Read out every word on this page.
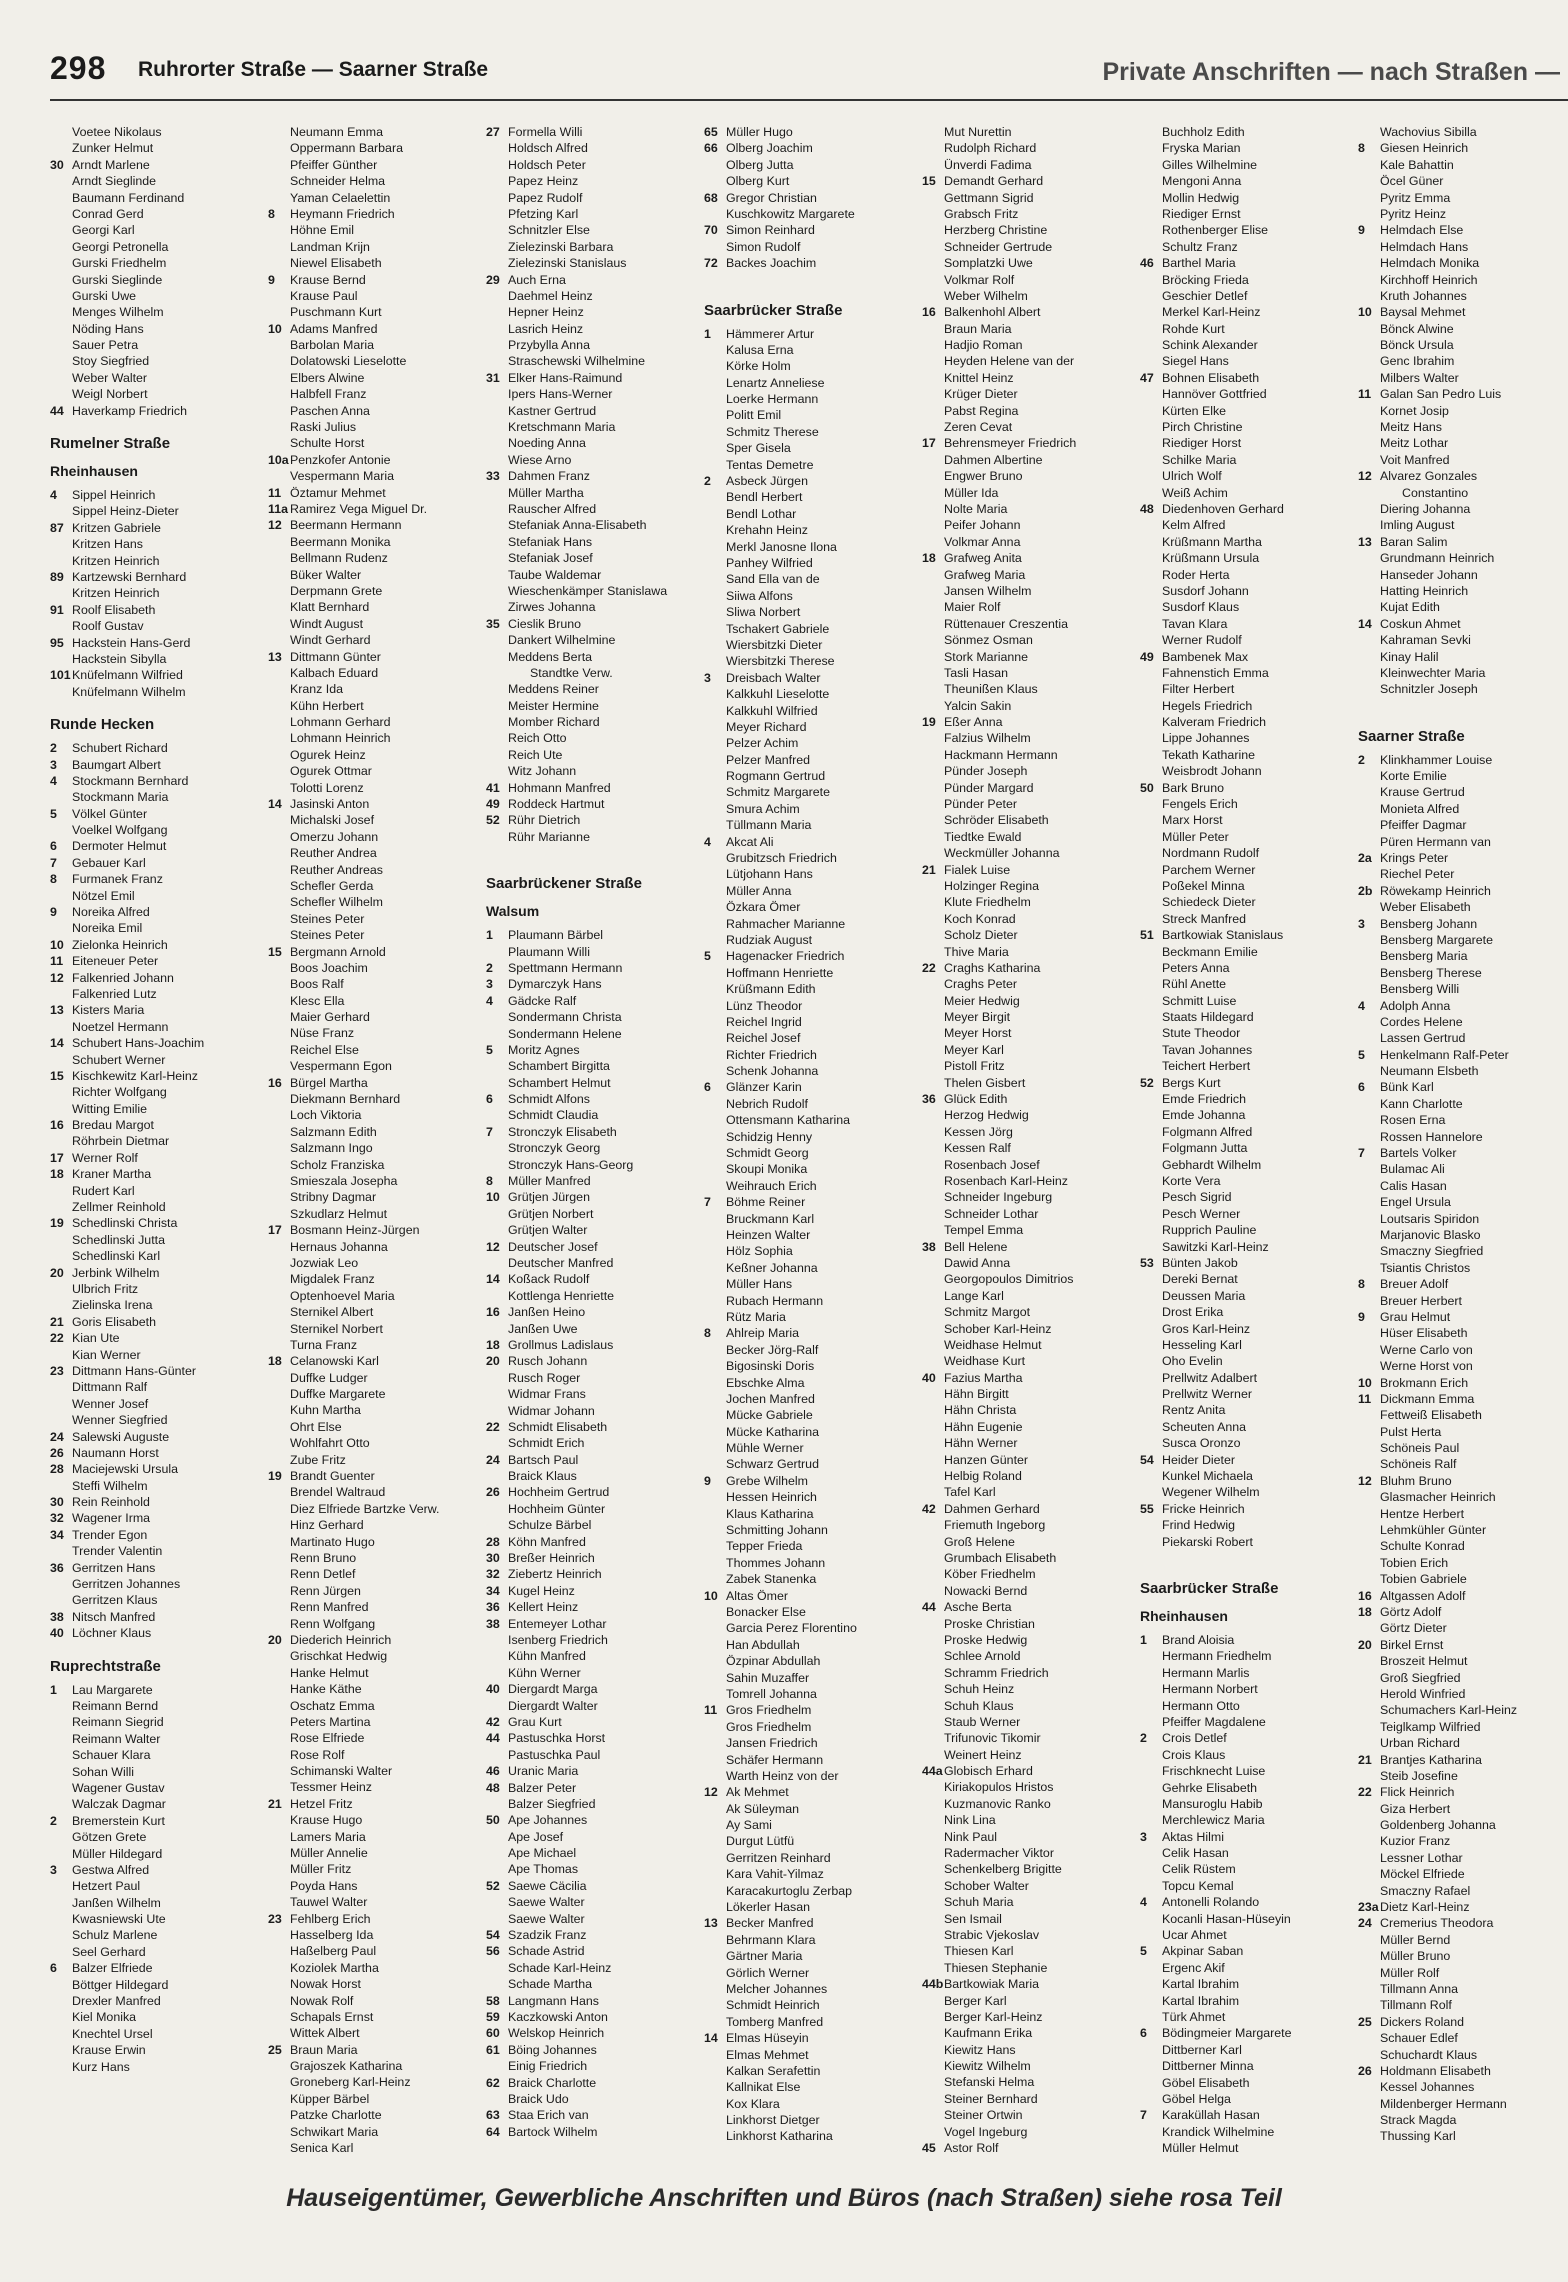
298 Ruhrorter Straße — Saarner Straße	Private Anschriften — nach Straßen —
Voetee Nikolaus
Zunker Helmut
30 Arndt Marlene
Arndt Sieglinde
Baumann Ferdinand
Conrad Gerd
Georgi Karl
Georgi Petronella
Gurski Friedhelm
Gurski Sieglinde
Gurski Uwe
Menges Wilhelm
Nöding Hans
Sauer Petra
Stoy Siegfried
Weber Walter
Weigl Norbert
44 Haverkamp Friedrich
Rumelner Straße
Rheinhausen
4 Sippel Heinrich
Sippel Heinz-Dieter
87 Kritzen Gabriele
Kritzen Hans
Kritzen Heinrich
89 Kartzewski Bernhard
Kritzen Heinrich
91 Roolf Elisabeth
Roolf Gustav
95 Hackstein Hans-Gerd
Hackstein Sibylla
101Knüfelmann Wilfried
Knüfelmann Wilhelm
Runde Hecken
2 Schubert Richard
3 Baumgart Albert
4 Stockmann Bernhard
Stockmann Maria
5 Völkel Günter
Voelkel Wolfgang
6 Dermoter Helmut
7 Gebauer Karl
8 Furmanek Franz
Nötzel Emil
9 Noreika Alfred
Noreika Emil
10 Zielonka Heinrich
11 Eiteneuer Peter
12 Falkenried Johann
Falkenried Lutz
13 Kisters Maria
Noetzel Hermann
14 Schubert Hans-Joachim
Schubert Werner
15 Kischkewitz Karl-Heinz
Richter Wolfgang
Witting Emilie
16 Bredau Margot
Röhrbein Dietmar
17 Werner Rolf
18 Kraner Martha
Rudert Karl
Zellmer Reinhold
19 Schedlinski Christa
Schedlinski Jutta
Schedlinski Karl
20 Jerbink Wilhelm
Ulbrich Fritz
Zielinska Irena
21 Goris Elisabeth
22 Kian Ute
Kian Werner
23 Dittmann Hans-Günter
Dittmann Ralf
Wenner Josef
Wenner Siegfried
24 Salewski Auguste
26 Naumann Horst
28 Maciejewski Ursula
Steffi Wilhelm
30 Rein Reinhold
32 Wagener Irma
34 Trender Egon
Trender Valentin
36 Gerritzen Hans
Gerritzen Johannes
Gerritzen Klaus
38 Nitsch Manfred
40 Löchner Klaus
Ruprechtstraße
1 Lau Margarete
Reimann Bernd
Reimann Siegrid
Reimann Walter
Schauer Klara
Sohan Willi
Wagener Gustav
Walczak Dagmar
2 Bremerstein Kurt
Götzen Grete
Müller Hildegard
3 Gestwa Alfred
Hetzert Paul
Janßen Wilhelm
Kwasniewski Ute
Schulz Marlene
Seel Gerhard
6 Balzer Elfriede
Böttger Hildegard
Drexler Manfred
Kiel Monika
Knechtel Ursel
Krause Erwin
Kurz Hans
Neumann Emma
Oppermann Barbara
Pfeiffer Günther
Schneider Helma
Yaman Celaelettin
8 Heymann Friedrich
Höhne Emil
Landman Krijn
Niewel Elisabeth
9 Krause Bernd
Krause Paul
Puschmann Kurt
10 Adams Manfred
Barbolan Maria
Dolatowski Lieselotte
Elbers Alwine
Halbfell Franz
Paschen Anna
Raski Julius
Schulte Horst
10aPenzkofer Antonie
Vespermann Maria
11 Öztamur Mehmet
11a Ramirez Vega Miguel Dr.
12 Beermann Hermann
Beermann Monika
Bellmann Rudenz
Büker Walter
Derpmann Grete
Klatt Bernhard
Windt August
Windt Gerhard
13 Dittmann Günter
Kalbach Eduard
Kranz Ida
Kühn Herbert
Lohmann Gerhard
Lohmann Heinrich
Ogurek Heinz
Ogurek Ottmar
Tolotti Lorenz
14 Jasinski Anton
Michalski Josef
Omerzu Johann
Reuther Andrea
Reuther Andreas
Schefler Gerda
Schefler Wilhelm
Steines Peter
Steines Peter
15 Bergmann Arnold
Boos Joachim
Boos Ralf
Klesc Ella
Maier Gerhard
Nüse Franz
Reichel Else
Vespermann Egon
16 Bürgel Martha
Diekmann Bernhard
Loch Viktoria
Salzmann Edith
Salzmann Ingo
Scholz Franziska
Smieszala Josepha
Stribny Dagmar
Szkudlarz Helmut
17 Bosmann Heinz-Jürgen
Hernaus Johanna
Jozwiak Leo
Migdalek Franz
Optenhoevel Maria
Sternikel Albert
Sternikel Norbert
Turna Franz
18 Celanowski Karl
Duffke Ludger
Duffke Margarete
Kuhn Martha
Ohrt Else
Wohlfahrt Otto
Zube Fritz
19 Brandt Guenter
Brendel Waltraud
Diez Elfriede Bartzke Verw.
Hinz Gerhard
Martinato Hugo
Renn Bruno
Renn Detlef
Renn Jürgen
Renn Manfred
Renn Wolfgang
20 Diederich Heinrich
Grischkat Hedwig
Hanke Helmut
Hanke Käthe
Oschatz Emma
Peters Martina
Rose Elfriede
Rose Rolf
Schimanski Walter
Tessmer Heinz
21 Hetzel Fritz
Krause Hugo
Lamers Maria
Müller Annelie
Müller Fritz
Poyda Hans
Tauwel Walter
23 Fehlberg Erich
Hasselberg Ida
Haßelberg Paul
Koziolek Martha
Nowak Horst
Nowak Rolf
Schapals Ernst
Wittek Albert
25 Braun Maria
Grajoszek Katharina
Groneberg Karl-Heinz
Küpper Bärbel
Patzke Charlotte
Schwikart Maria
Senica Karl
27 Formella Willi
Holdsch Alfred
Holdsch Peter
Papez Heinz
Papez Rudolf
Pfetzing Karl
Schnitzler Else
Zielezinski Barbara
Zielezinski Stanislaus
29 Auch Erna
Daehmel Heinz
Hepner Heinz
Lasrich Heinz
Przybylla Anna
Straschewski Wilhelmine
31 Elker Hans-Raimund
Ipers Hans-Werner
Kastner Gertrud
Kretschmann Maria
Noeding Anna
Wiese Arno
33 Dahmen Franz
Müller Martha
Rauscher Alfred
Stefaniak Anna-Elisabeth
Stefaniak Hans
Stefaniak Josef
Taube Waldemar
Wieschenkämper Stanislawa
Zirwes Johanna
35 Cieslik Bruno
Dankert Wilhelmine
Meddens Berta
Standtke Verw.
Meddens Reiner
Meister Hermine
Momber Richard
Reich Otto
Reich Ute
Witz Johann
41 Hohmann Manfred
49 Roddeck Hartmut
52 Rühr Dietrich
Rühr Marianne
Saarbrückener Straße
Walsum
1 Plaumann Bärbel
Plaumann Willi
2 Spettmann Hermann
3 Dymarczyk Hans
4 Gädcke Ralf
Sondermann Christa
Sondermann Helene
5 Moritz Agnes
Schambert Birgitta
Schambert Helmut
6 Schmidt Alfons
Schmidt Claudia
7 Stronczyk Elisabeth
Stronczyk Georg
Stronczyk Hans-Georg
8 Müller Manfred
10 Grütjen Jürgen
Grütjen Norbert
Grütjen Walter
12 Deutscher Josef
Deutscher Manfred
14 Koßack Rudolf
Kottlenga Henriette
16 Janßen Heino
Janßen Uwe
18 Grollmus Ladislaus
20 Rusch Johann
Rusch Roger
Widmar Frans
Widmar Johann
22 Schmidt Elisabeth
Schmidt Erich
24 Bartsch Paul
Braick Klaus
26 Hochheim Gertrud
Hochheim Günter
Schulze Bärbel
28 Köhn Manfred
30 Breßer Heinrich
32 Ziebertz Heinrich
34 Kugel Heinz
36 Kellert Heinz
38 Entemeyer Lothar
Isenberg Friedrich
Kühn Manfred
Kühn Werner
40 Diergardt Marga
Diergardt Walter
42 Grau Kurt
44 Pastuschka Horst
Pastuschka Paul
46 Uranic Maria
48 Balzer Peter
Balzer Siegfried
50 Ape Johannes
Ape Josef
Ape Michael
Ape Thomas
52 Saewe Cäcilia
Saewe Walter
Saewe Walter
54 Szadzik Franz
56 Schade Astrid
Schade Karl-Heinz
Schade Martha
58 Langmann Hans
59 Kaczkowski Anton
60 Welskop Heinrich
61 Böing Johannes
Einig Friedrich
62 Braick Charlotte
Braick Udo
63 Staa Erich van
64 Bartock Wilhelm
65 Müller Hugo
66 Olberg Joachim
Olberg Jutta
Olberg Kurt
68 Gregor Christian
Kuschkowitz Margarete
70 Simon Reinhard
Simon Rudolf
72 Backes Joachim
Saarbrücker Straße
1 Hämmerer Artur
Kalusa Erna
Körke Holm
Lenartz Anneliese
Loerke Hermann
Politt Emil
Schmitz Therese
Sper Gisela
Tentas Demetre
2 Asbeck Jürgen
Bendl Herbert
Bendl Lothar
Krehahn Heinz
Merkl Janosne Ilona
Panhey Wilfried
Sand Ella van de
Siiwa Alfons
Sliwa Norbert
Tschakert Gabriele
Wiersbitzki Dieter
Wiersbitzki Therese
3 Dreisbach Walter
Kalkkuhl Lieselotte
Kalkkuhl Wilfried
Meyer Richard
Pelzer Achim
Pelzer Manfred
Rogmann Gertrud
Schmitz Margarete
Smura Achim
Tüllmann Maria
4 Akcat Ali
Grubitzsch Friedrich
Lütjohann Hans
Müller Anna
Özkara Ömer
Rahmacher Marianne
Rudziak August
5 Hagenacker Friedrich
Hoffmann Henriette
Krüßmann Edith
Lünz Theodor
Reichel Ingrid
Reichel Josef
Richter Friedrich
Schenk Johanna
6 Glänzer Karin
Nebrich Rudolf
Ottensmann Katharina
Schidzig Henny
Schmidt Georg
Skoupi Monika
Weihrauch Erich
7 Böhme Reiner
Bruckmann Karl
Heinzen Walter
Hölz Sophia
Keßner Johanna
Müller Hans
Rubach Hermann
Rütz Maria
8 Ahlreip Maria
Becker Jörg-Ralf
Bigosinski Doris
Ebschke Alma
Jochen Manfred
Mücke Gabriele
Mücke Katharina
Mühle Werner
Schwarz Gertrud
9 Grebe Wilhelm
Hessen Heinrich
Klaus Katharina
Schmitting Johann
Tepper Frieda
Thommes Johann
Zabek Stanenka
10 Altas Ömer
Bonacker Else
Garcia Perez Florentino
Han Abdullah
Özpinar Abdullah
Sahin Muzaffer
Tomrell Johanna
11 Gros Friedhelm
Gros Friedhelm
Jansen Friedrich
Schäfer Hermann
Warth Heinz von der
12 Ak Mehmet
Ak Süleyman
Ay Sami
Durgut Lütfü
Gerritzen Reinhard
Kara Vahit-Yilmaz
Karacakurtoglu Zerbap
Lökerler Hasan
13 Becker Manfred
Behrmann Klara
Gärtner Maria
Görlich Werner
Melcher Johannes
Schmidt Heinrich
Tomberg Manfred
14 Elmas Hüseyin
Elmas Mehmet
Kalkan Serafettin
Kallnikat Else
Kox Klara
Linkhorst Dietger
Linkhorst Katharina
Mut Nurettin
Rudolph Richard
Ünverdi Fadima
15 Demandt Gerhard
Gettmann Sigrid
Grabsch Fritz
Herzberg Christine
Schneider Gertrude
Somplatzki Uwe
Volkmar Rolf
Weber Wilhelm
16 Balkenhohl Albert
Braun Maria
Hadjio Roman
Heyden Helene van der
Knittel Heinz
Krüger Dieter
Pabst Regina
Zeren Cevat
17 Behrensmeyer Friedrich
Dahmen Albertine
Engwer Bruno
Müller Ida
Nolte Maria
Peifer Johann
Volkmar Anna
18 Grafweg Anita
Grafweg Maria
Jansen Wilhelm
Maier Rolf
Rüttenauer Creszentia
Sönmez Osman
Stork Marianne
Tasli Hasan
Theunißen Klaus
Yalcin Sakin
19 Eßer Anna
Falzius Wilhelm
Hackmann Hermann
Pünder Joseph
Pünder Margard
Pünder Peter
Schröder Elisabeth
Tiedtke Ewald
Weckmüller Johanna
21 Fialek Luise
Holzinger Regina
Klute Friedhelm
Koch Konrad
Scholz Dieter
Thive Maria
22 Craghs Katharina
Craghs Peter
Meier Hedwig
Meyer Birgit
Meyer Horst
Meyer Karl
Pistoll Fritz
Thelen Gisbert
36 Glück Edith
Herzog Hedwig
Kessen Jörg
Kessen Ralf
Rosenbach Josef
Rosenbach Karl-Heinz
Schneider Ingeburg
Schneider Lothar
Tempel Emma
38 Bell Helene
Dawid Anna
Georgopoulos Dimitrios
Lange Karl
Schmitz Margot
Schober Karl-Heinz
Weidhase Helmut
Weidhase Kurt
40 Fazius Martha
Hähn Birgitt
Hähn Christa
Hähn Eugenie
Hähn Werner
Hanzen Günter
Helbig Roland
Tafel Karl
42 Dahmen Gerhard
Friemuth Ingeborg
Groß Helene
Grumbach Elisabeth
Köber Friedhelm
Nowacki Bernd
44 Asche Berta
Proske Christian
Proske Hedwig
Schlee Arnold
Schramm Friedrich
Schuh Heinz
Schuh Klaus
Staub Werner
Trifunovic Tikomir
Weinert Heinz
44aGlobisch Erhard
Kiriakopulos Hristos
Kuzmanovic Ranko
Nink Lina
Nink Paul
Radermacher Viktor
Schenkelberg Brigitte
Schober Walter
Schuh Maria
Sen Ismail
Strabic Vjekoslav
Thiesen Karl
Thiesen Stephanie
44bBartkowiak Maria
Berger Karl
Berger Karl-Heinz
Kaufmann Erika
Kiewitz Hans
Kiewitz Wilhelm
Stefanski Helma
Steiner Bernhard
Steiner Ortwin
Vogel Ingeburg
45 Astor Rolf
Buchholz Edith
Fryska Marian
Gilles Wilhelmine
Mengoni Anna
Mollin Hedwig
Riediger Ernst
Rothenberger Elise
Schultz Franz
46 Barthel Maria
Bröcking Frieda
Geschier Detlef
Merkel Karl-Heinz
Rohde Kurt
Schink Alexander
Siegel Hans
47 Bohnen Elisabeth
Hannöver Gottfried
Kürten Elke
Pirch Christine
Riediger Horst
Schilke Maria
Ulrich Wolf
Weiß Achim
48 Diedenhoven Gerhard
Kelm Alfred
Krüßmann Martha
Krüßmann Ursula
Roder Herta
Susdorf Johann
Susdorf Klaus
Tavan Klara
Werner Rudolf
49 Bambenek Max
Fahnenstich Emma
Filter Herbert
Hegels Friedrich
Kalveram Friedrich
Lippe Johannes
Tekath Katharine
Weisbrodt Johann
50 Bark Bruno
Fengels Erich
Marx Horst
Müller Peter
Nordmann Rudolf
Parchem Werner
Poßekel Minna
Schiedeck Dieter
Streck Manfred
51 Bartkowiak Stanislaus
Beckmann Emilie
Peters Anna
Rühl Anette
Schmitt Luise
Staats Hildegard
Stute Theodor
Tavan Johannes
Teichert Herbert
52 Bergs Kurt
Emde Friedrich
Emde Johanna
Folgmann Alfred
Folgmann Jutta
Gebhardt Wilhelm
Korte Vera
Pesch Sigrid
Pesch Werner
Rupprich Pauline
Sawitzki Karl-Heinz
53 Bünten Jakob
Dereki Bernat
Deussen Maria
Drost Erika
Gros Karl-Heinz
Hesseling Karl
Oho Evelin
Prellwitz Adalbert
Prellwitz Werner
Rentz Anita
Scheuten Anna
Susca Oronzo
54 Heider Dieter
Kunkel Michaela
Wegener Wilhelm
55 Fricke Heinrich
Frind Hedwig
Piekarski Robert
Saarbrücker Straße
Rheinhausen
1 Brand Aloisia
Hermann Friedhelm
Hermann Marlis
Hermann Norbert
Hermann Otto
Pfeiffer Magdalene
2 Crois Detlef
Crois Klaus
Frischknecht Luise
Gehrke Elisabeth
Mansuroglu Habib
Merchlewicz Maria
3 Aktas Hilmi
Celik Hasan
Celik Rüstem
Topcu Kemal
4 Antonelli Rolando
Kocanli Hasan-Hüseyin
Ucar Ahmet
5 Akpinar Saban
Ergenc Akif
Kartal Ibrahim
Kartal Ibrahim
Türk Ahmet
6 Bödingmeier Margarete
Dittberner Karl
Dittberner Minna
Göbel Elisabeth
Göbel Helga
7 Karaküllah Hasan
Krandick Wilhelmine
Müller Helmut
Wachovius Sibilla
8 Giesen Heinrich
Kale Bahattin
Öcel Güner
Pyritz Emma
Pyritz Heinz
9 Helmdach Else
Helmdach Hans
Helmdach Monika
Kirchhoff Heinrich
Kruth Johannes
10 Baysal Mehmet
Bönck Alwine
Bönck Ursula
Genc Ibrahim
Milbers Walter
11 Galan San Pedro Luis
Kornet Josip
Meitz Hans
Meitz Lothar
Voit Manfred
12 Alvarez Gonzales
Constantino
Diering Johanna
Imling August
13 Baran Salim
Grundmann Heinrich
Hanseder Johann
Hatting Heinrich
Kujat Edith
14 Coskun Ahmet
Kahraman Sevki
Kinay Halil
Kleinwechter Maria
Schnitzler Joseph
Saarner Straße
2 Klinkhammer Louise
Korte Emilie
Krause Gertrud
Monieta Alfred
Pfeiffer Dagmar
Püren Hermann van
2a Krings Peter
Riechel Peter
2b Röwekamp Heinrich
Weber Elisabeth
3 Bensberg Johann
Bensberg Margarete
Bensberg Maria
Bensberg Therese
Bensberg Willi
4 Adolph Anna
Cordes Helene
Lassen Gertrud
5 Henkelmann Ralf-Peter
Neumann Elsbeth
6 Bünk Karl
Kann Charlotte
Rosen Erna
Rossen Hannelore
7 Bartels Volker
Bulamac Ali
Calis Hasan
Engel Ursula
Loutsaris Spiridon
Marjanovic Blasko
Smaczny Siegfried
Tsiantis Christos
8 Breuer Adolf
Breuer Herbert
9 Grau Helmut
Hüser Elisabeth
Werne Carlo von
Werne Horst von
10 Brokmann Erich
11 Dickmann Emma
Fettweiß Elisabeth
Pulst Herta
Schöneis Paul
Schöneis Ralf
12 Bluhm Bruno
Glasmacher Heinrich
Hentze Herbert
Lehmkühler Günter
Schulte Konrad
Tobien Erich
Tobien Gabriele
16 Altgassen Adolf
18 Görtz Adolf
Görtz Dieter
20 Birkel Ernst
Broszeit Helmut
Groß Siegfried
Herold Winfried
Schumachers Karl-Heinz
Teiglkamp Wilfried
Urban Richard
21 Brantjes Katharina
Steib Josefine
22 Flick Heinrich
Giza Herbert
Goldenberg Johanna
Kuzior Franz
Lessner Lothar
Möckel Elfriede
Smaczny Rafael
23aDietz Karl-Heinz
24 Cremerius Theodora
Müller Bernd
Müller Bruno
Müller Rolf
Tillmann Anna
Tillmann Rolf
25 Dickers Roland
Schauer Edlef
Schuchardt Klaus
26 Holdmann Elisabeth
Kessel Johannes
Mildenberger Hermann
Strack Magda
Thussing Karl
Hauseigentümer, Gewerbliche Anschriften und Büros (nach Straßen) siehe rosa Teil
